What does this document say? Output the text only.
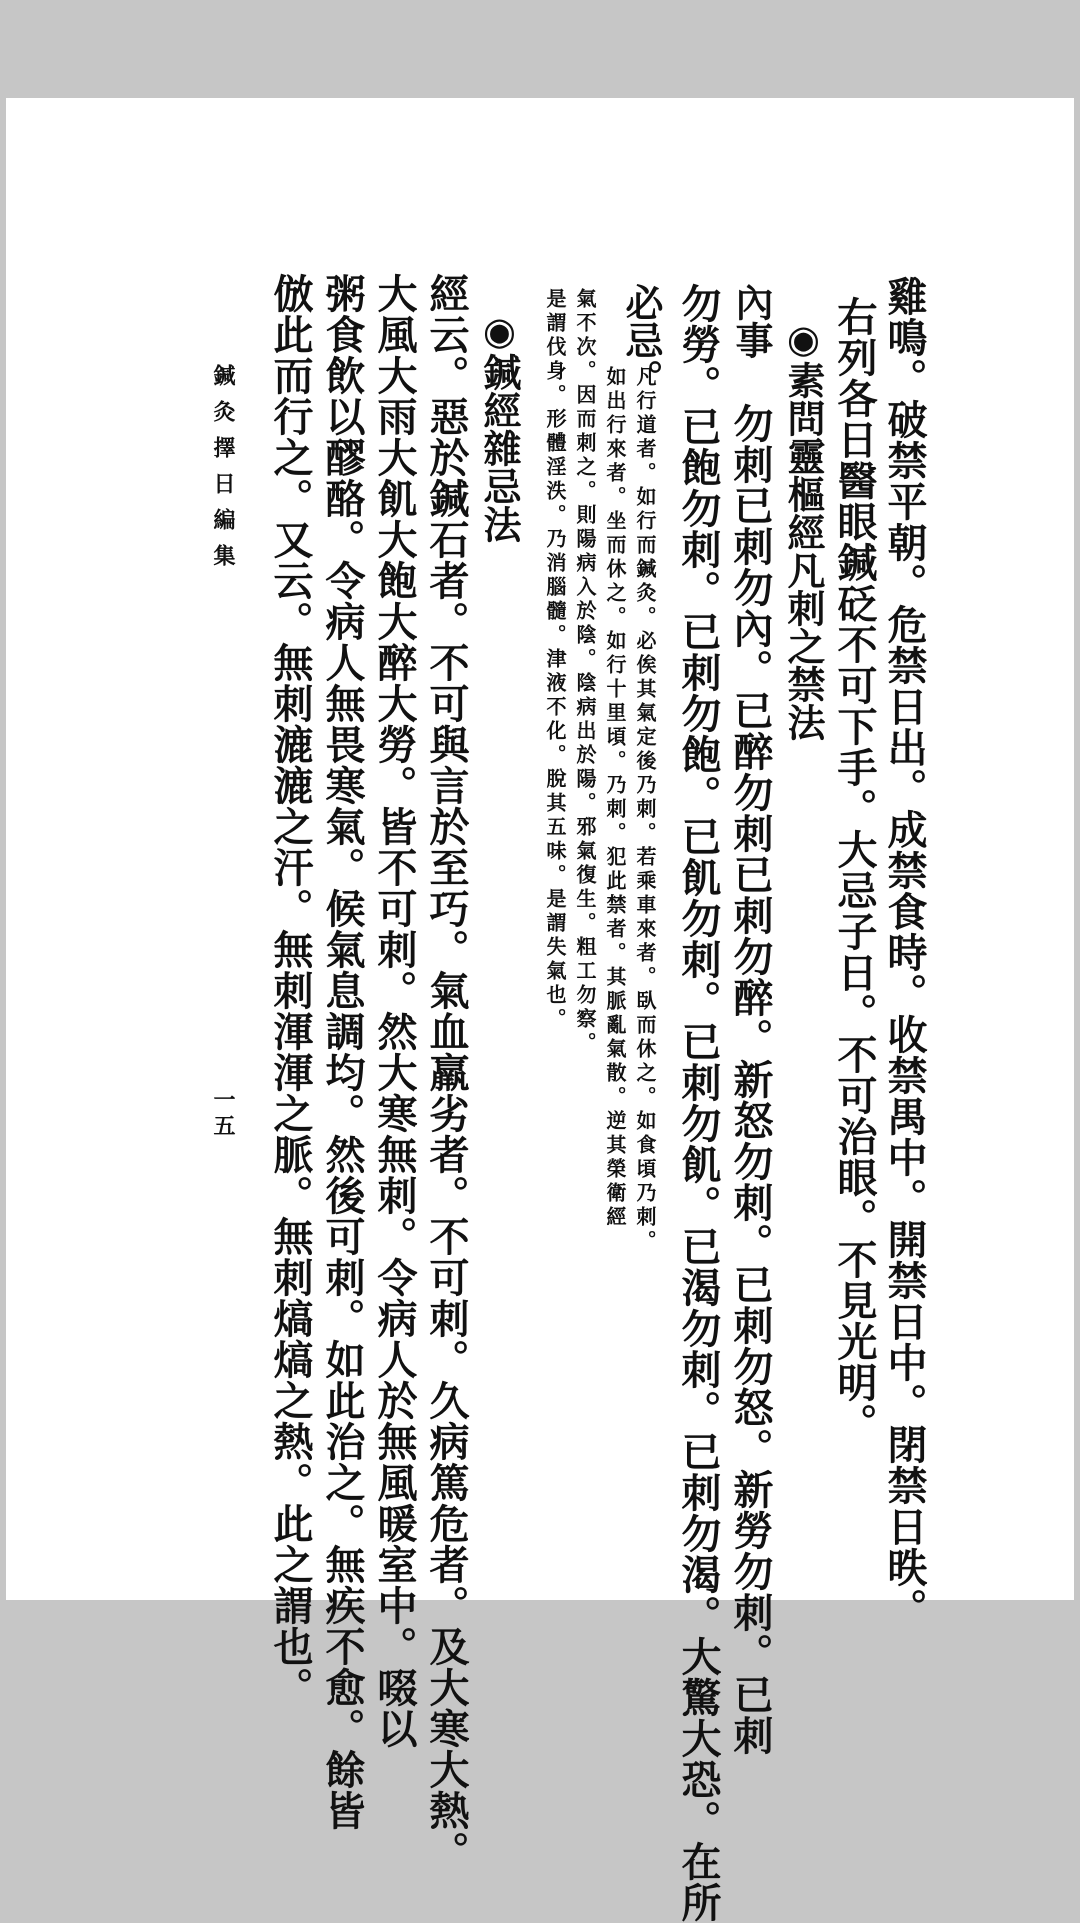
雞鳴。破禁平朝。危禁日出。成禁食時。收禁禺中。開禁日中。閉禁日昳。
右列各日醫眼鍼砭不可下手。大忌子日。不可治眼。不見光明。
◉素問靈樞經凡刺之禁法
內事
勿刺已刺勿內。已醉勿刺已刺勿醉。新怒勿刺。已刺勿怒。新勞勿刺。已刺
勿勞。已飽勿刺。已刺勿飽。已飢勿刺。已刺勿飢。已渴勿刺。已刺勿渴。大驚大恐。在所
必忌。
凡行道者。如行而鍼灸。必俟其氣定後乃刺。若乘車來者。臥而休之。如食頃乃刺。
如出行來者。坐而休之。如行十里頃。乃刺。犯此禁者。其脈亂氣散。逆其榮衛經
氣不次。因而刺之。則陽病入於陰。陰病出於陽。邪氣復生。粗工勿察。
是謂伐身。形體淫泆。乃消腦髓。津液不化。脫其五味。是謂失氣也。
◉鍼經雜忌法
經云。惡於鍼石者。不可與言於至巧。氣血羸劣者。不可刺。久病篤危者。及大寒大熱。
大風大雨大飢大飽大醉大勞。皆不可刺。然大寒無刺。令病人於無風暖室中。啜以
粥食飲以醪酪。令病人無畏寒氣。候氣息調均。然後可刺。如此治之。無疾不愈。餘皆
倣此而行之。又云。無刺漉漉之汗。無刺渾渾之脈。無刺熇熇之熱。此之謂也。
鍼灸擇日編集
一五
